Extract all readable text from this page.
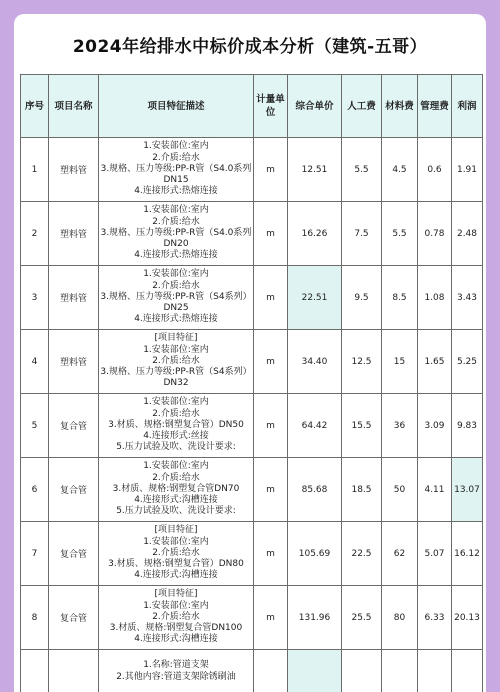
2024年给排水中标价成本分析（建筑-五哥）
序号	项目名称	项目特征描述	计量单位	综合单价	人工费	材料费	管理费	利润
1	塑料管	1.安装部位:室内
2.介质:给水
3.规格、压力等级:PP-R管（S4.0系列 DN15
4.连接形式:热熔连接	m	12.51	5.5	4.5	0.6	1.91
2	塑料管	1.安装部位:室内
2.介质:给水
3.规格、压力等级:PP-R管（S4.0系列 DN20
4.连接形式:热熔连接	m	16.26	7.5	5.5	0.78	2.48
3	塑料管	1.安装部位:室内
2.介质:给水
3.规格、压力等级:PP-R管（S4系列）DN25
4.连接形式:热熔连接	m	22.51	9.5	8.5	1.08	3.43
4	塑料管	[项目特征]
1.安装部位:室内
2.介质:给水
3.规格、压力等级:PP-R管（S4系列）DN32	m	34.40	12.5	15	1.65	5.25
5	复合管	1.安装部位:室内
2.介质:给水
3.材质、规格:钢塑复合管）DN50
4.连接形式:丝接
5.压力试验及吹、洗设计要求:	m	64.42	15.5	36	3.09	9.83
6	复合管	1.安装部位:室内
2.介质:给水
3.材质、规格:钢塑复合管DN70
4.连接形式:沟槽连接
5.压力试验及吹、洗设计要求:	m	85.68	18.5	50	4.11	13.07
7	复合管	[项目特征]
1.安装部位:室内
2.介质:给水
3.材质、规格:钢塑复合管）DN80
4.连接形式:沟槽连接	m	105.69	22.5	62	5.07	16.12
8	复合管	[项目特征]
1.安装部位:室内
2.介质:给水
3.材质、规格:钢塑复合管DN100
4.连接形式:沟槽连接	m	131.96	25.5	80	6.33	20.13

		1.名称:管道支架
2.其他内容:管道支架除锈刷油						
